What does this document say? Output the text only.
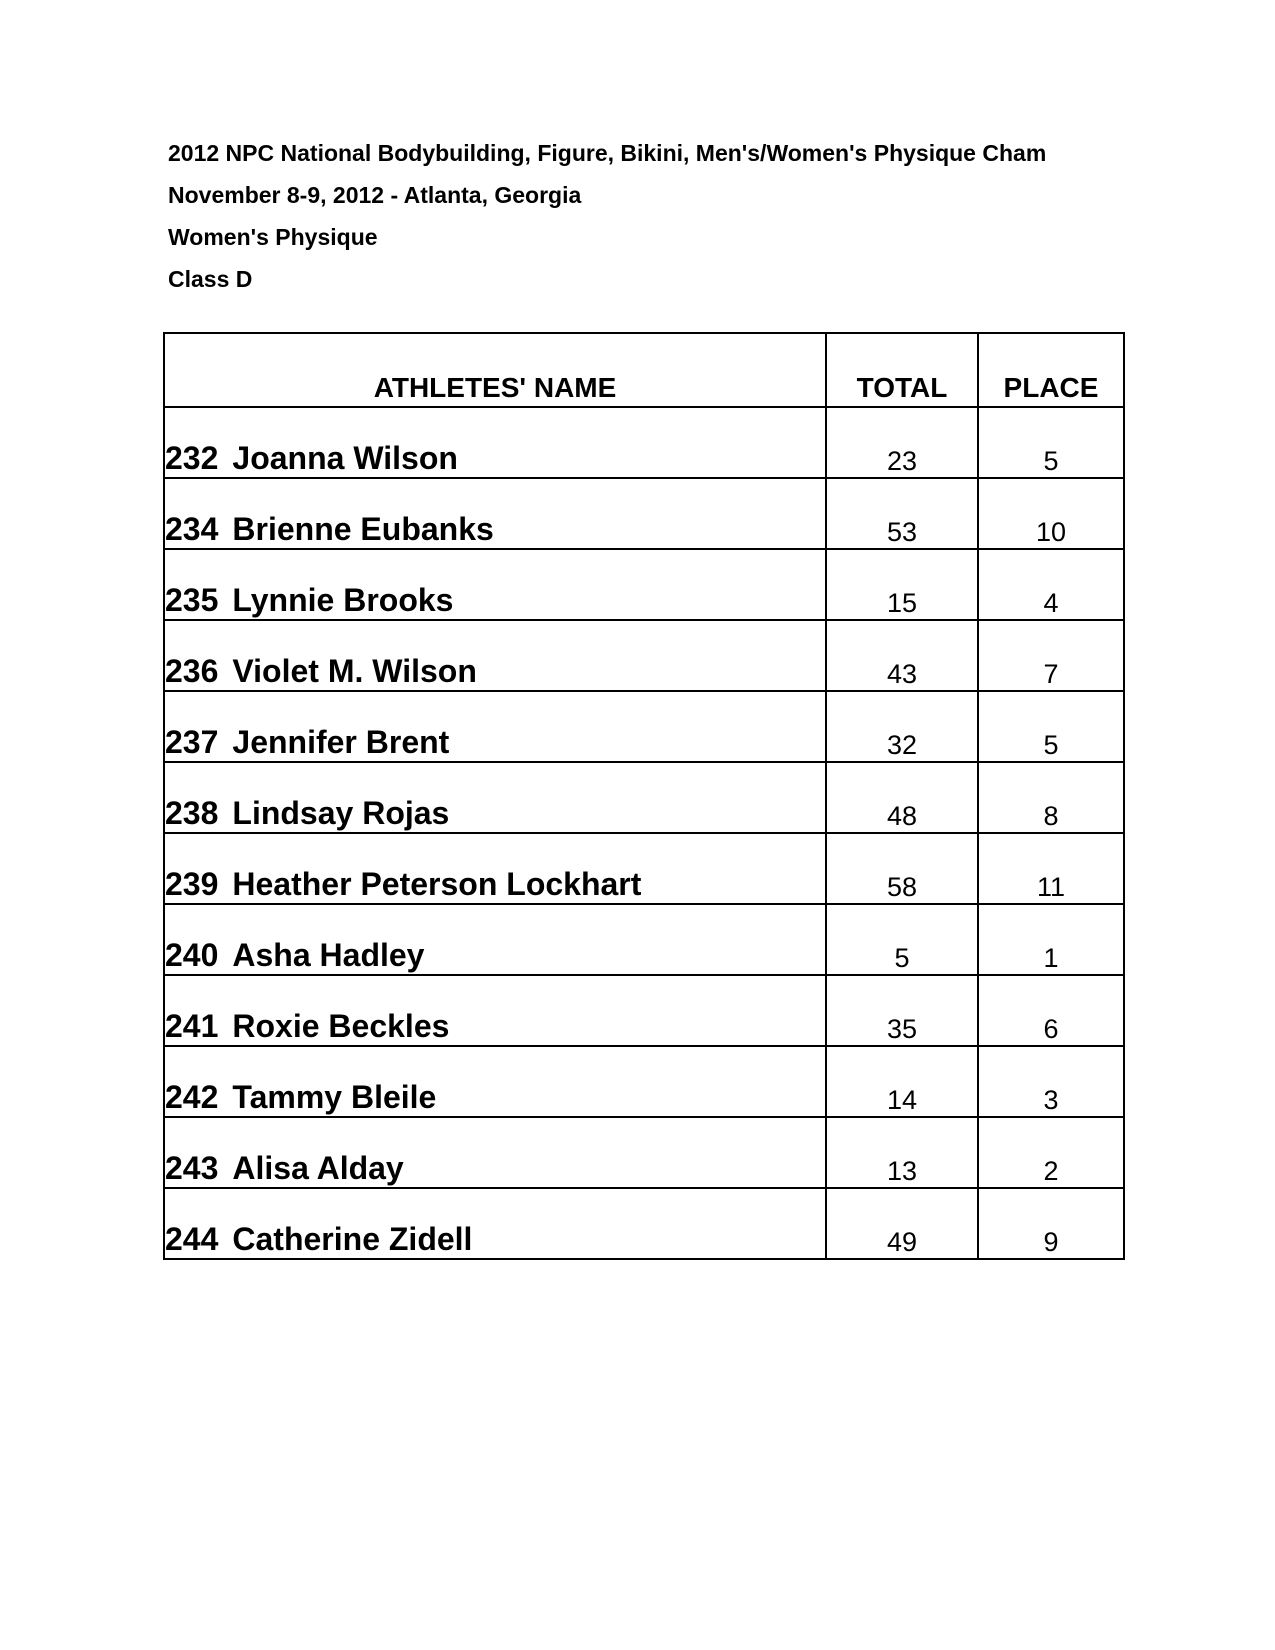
2012 NPC National Bodybuilding, Figure, Bikini, Men's/Women's Physique Cham
November 8-9, 2012 - Atlanta, Georgia
Women's Physique
Class D
ATHLETES' NAME	TOTAL	PLACE
232 Joanna Wilson	23	5
234 Brienne Eubanks	53	10
235 Lynnie Brooks	15	4
236 Violet M. Wilson	43	7
237 Jennifer Brent	32	5
238 Lindsay Rojas	48	8
239 Heather Peterson Lockhart	58	11
240 Asha Hadley	5	1
241 Roxie Beckles	35	6
242 Tammy Bleile	14	3
243 Alisa Alday	13	2
244 Catherine Zidell	49	9
